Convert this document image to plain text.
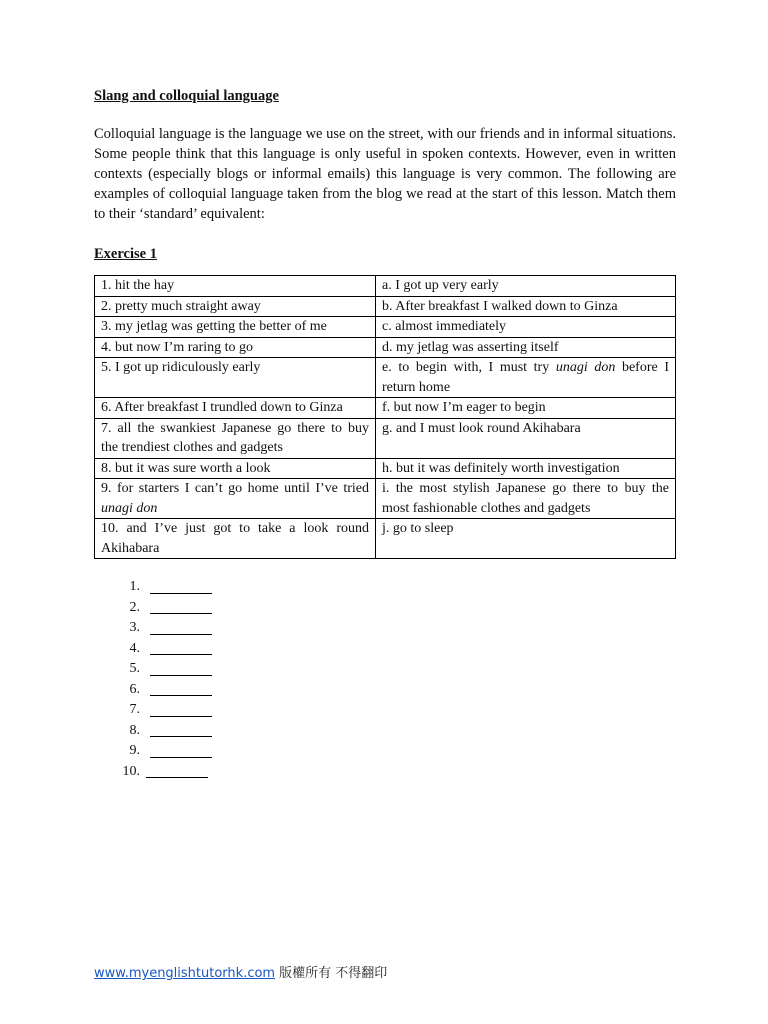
Slang and colloquial language

Colloquial language is the language we use on the street, with our friends and in informal situations. Some people think that this language is only useful in spoken contexts. However, even in written contexts (especially blogs or informal emails) this language is very common. The following are examples of colloquial language taken from the blog we read at the start of this lesson. Match them to their ‘standard’ equivalent:
Exercise 1
1. hit the hay	a. I got up very early
2. pretty much straight away	b. After breakfast I walked down to Ginza
3. my jetlag was getting the better of me	c. almost immediately
4. but now I’m raring to go	d. my jetlag was asserting itself
5. I got up ridiculously early	e. to begin with, I must try unagi don before I return home
6. After breakfast I trundled down to Ginza	f. but now I’m eager to begin
7. all the swankiest Japanese go there to buy the trendiest clothes and gadgets	g. and I must look round Akihabara
8. but it was sure worth a look	h. but it was definitely worth investigation
9. for starters I can’t go home until I’ve tried unagi don	i. the most stylish Japanese go there to buy the most fashionable clothes and gadgets
10. and I’ve just got to take a look round Akihabara	j. go to sleep
1.
2.
3.
4.
5.
6.
7.
8.
9.
10.
www.myenglishtutorhk.com 版權所有 不得翻印
